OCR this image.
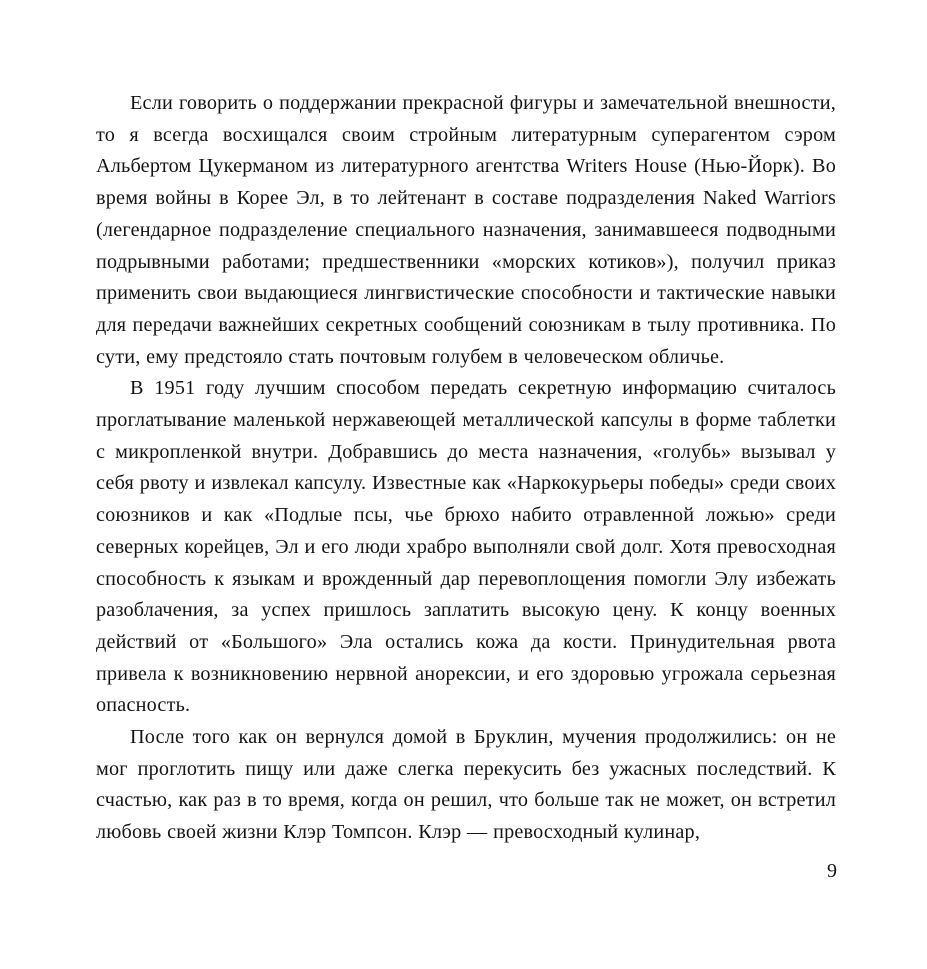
Если говорить о поддержании прекрасной фигуры и замечательной внешности, то я всегда восхищался своим стройным литературным суперагентом сэром Альбертом Цукерманом из литературного агентства Writers House (Нью-Йорк). Во время войны в Корее Эл, в то лейтенант в составе подразделения Naked Warriors (легендарное подразделение специального назначения, занимавшееся подводными подрывными работами; предшественники «морских котиков»), получил приказ применить свои выдающиеся лингвистические способности и тактические навыки для передачи важнейших секретных сообщений союзникам в тылу противника. По сути, ему предстояло стать почтовым голубем в человеческом обличье.

В 1951 году лучшим способом передать секретную информацию считалось проглатывание маленькой нержавеющей металлической капсулы в форме таблетки с микропленкой внутри. Добравшись до места назначения, «голубь» вызывал у себя рвоту и извлекал капсулу. Известные как «Наркокурьеры победы» среди своих союзников и как «Подлые псы, чье брюхо набито отравленной ложью» среди северных корейцев, Эл и его люди храбро выполняли свой долг. Хотя превосходная способность к языкам и врожденный дар перевоплощения помогли Элу избежать разоблачения, за успех пришлось заплатить высокую цену. К концу военных действий от «Большого» Эла остались кожа да кости. Принудительная рвота привела к возникновению нервной анорексии, и его здоровью угрожала серьезная опасность.

После того как он вернулся домой в Бруклин, мучения продолжились: он не мог проглотить пищу или даже слегка перекусить без ужасных последствий. К счастью, как раз в то время, когда он решил, что больше так не может, он встретил любовь своей жизни Клэр Томпсон. Клэр — превосходный кулинар,

9
